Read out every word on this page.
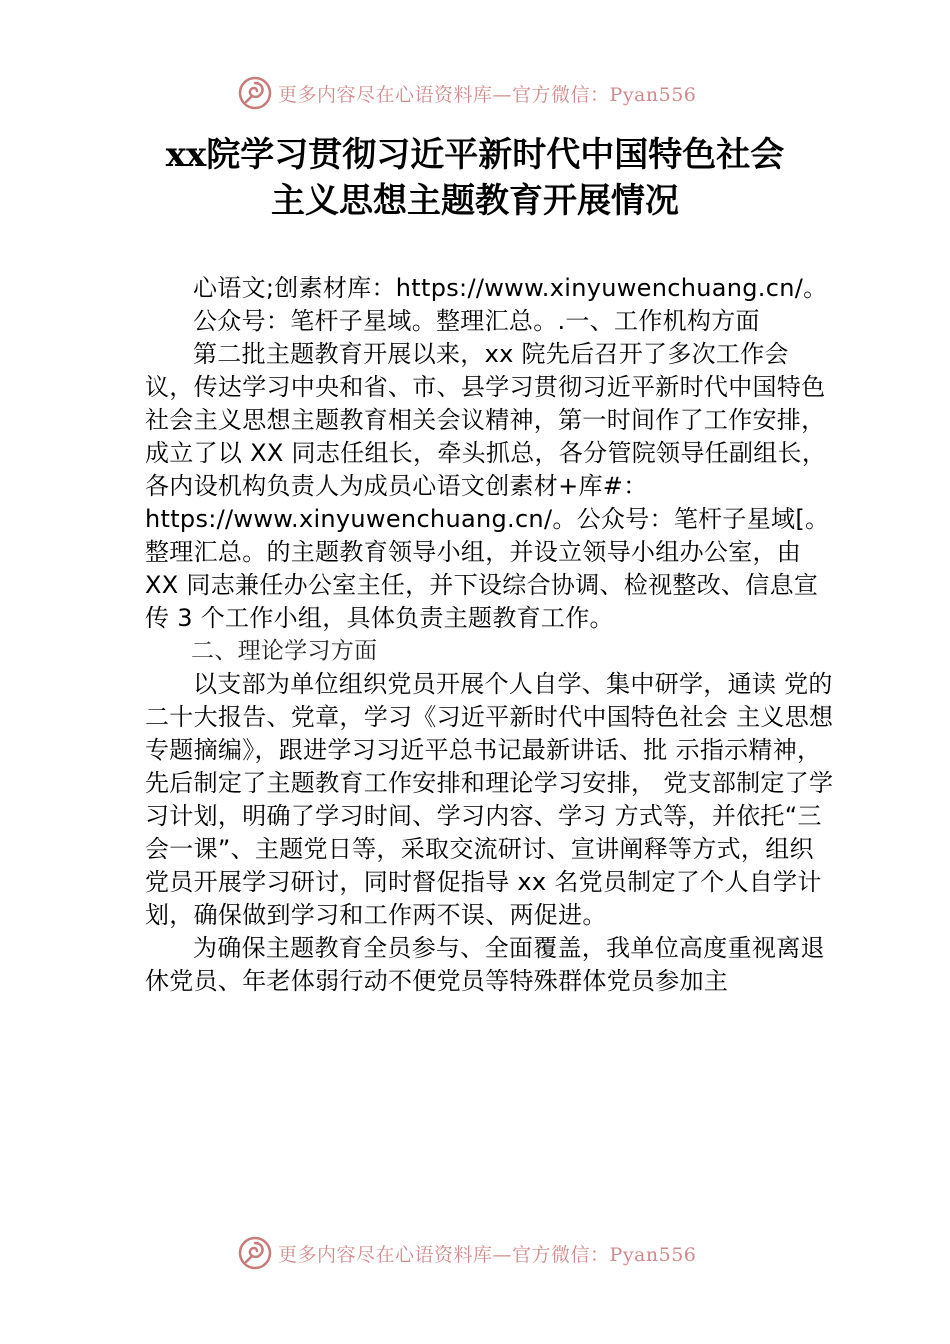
更多内容尽在心语资料库—官方微信：Pyan556
xx院学习贯彻习近平新时代中国特色社会
主义思想主题教育开展情况

心语文;创素材库：https://www.xinyuwenchuang.cn/。

公众号：笔杆子星域。整理汇总。.一、工作机构方面

第二批主题教育开展以来，xx 院先后召开了多次工作会议，传达学习中央和省、市、县学习贯彻习近平新时代中国特色社会主义思想主题教育相关会议精神，第一时间作了工作安排，成立了以 XX 同志任组长，牵头抓总，各分管院领导任副组长，各内设机构负责人为成员心语文创素材+库#：https://www.xinyuwenchuang.cn/。公众号：笔杆子星域[。整理汇总。的主题教育领导小组，并设立领导小组办公室，由 XX 同志兼任办公室主任，并下设综合协调、检视整改、信息宣传 3 个工作小组，具体负责主题教育工作。

二、理论学习方面

以支部为单位组织党员开展个人自学、集中研学，通读 党的二十大报告、党章，学习《习近平新时代中国特色社会 主义思想专题摘编》，跟进学习习近平总书记最新讲话、批 示指示精神，先后制定了主题教育工作安排和理论学习安排， 党支部制定了学习计划，明确了学习时间、学习内容、学习 方式等，并依托“三会一课”、主题党日等，采取交流研讨、宣讲阐释等方式，组织党员开展学习研讨，同时督促指导 xx 名党员制定了个人自学计划，确保做到学习和工作两不误、两促进。

为确保主题教育全员参与、全面覆盖，我单位高度重视离退休党员、年老体弱行动不便党员等特殊群体党员参加主

更多内容尽在心语资料库—官方微信：Pyan556
